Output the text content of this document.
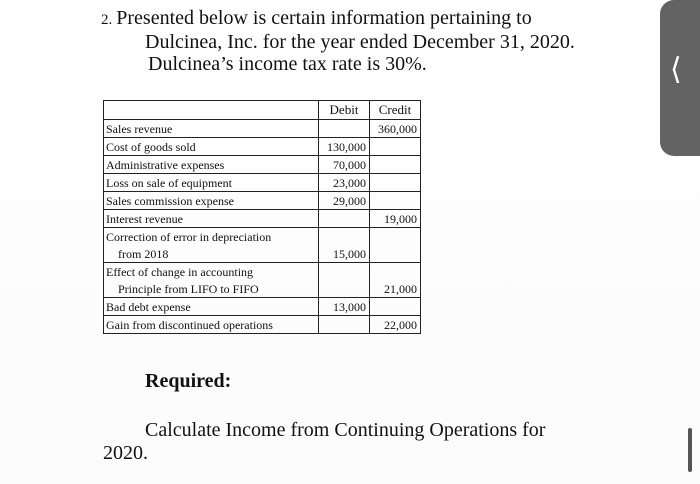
2. Presented below is certain information pertaining to
Dulcinea, Inc. for the year ended December 31, 2020.
Dulcinea’s income tax rate is 30%.
	Debit	Credit
Sales revenue		360,000
Cost of goods sold	130,000	
Administrative expenses	70,000	
Loss on sale of equipment	23,000	
Sales commission expense	29,000	
Interest revenue		19,000
Correction of error in depreciation		
from 2018	15,000	
Effect of change in accounting		
Principle from LIFO to FIFO		21,000
Bad debt expense	13,000	
Gain from discontinued operations		22,000
Required:
Calculate Income from Continuing Operations for
2020.
⟨
